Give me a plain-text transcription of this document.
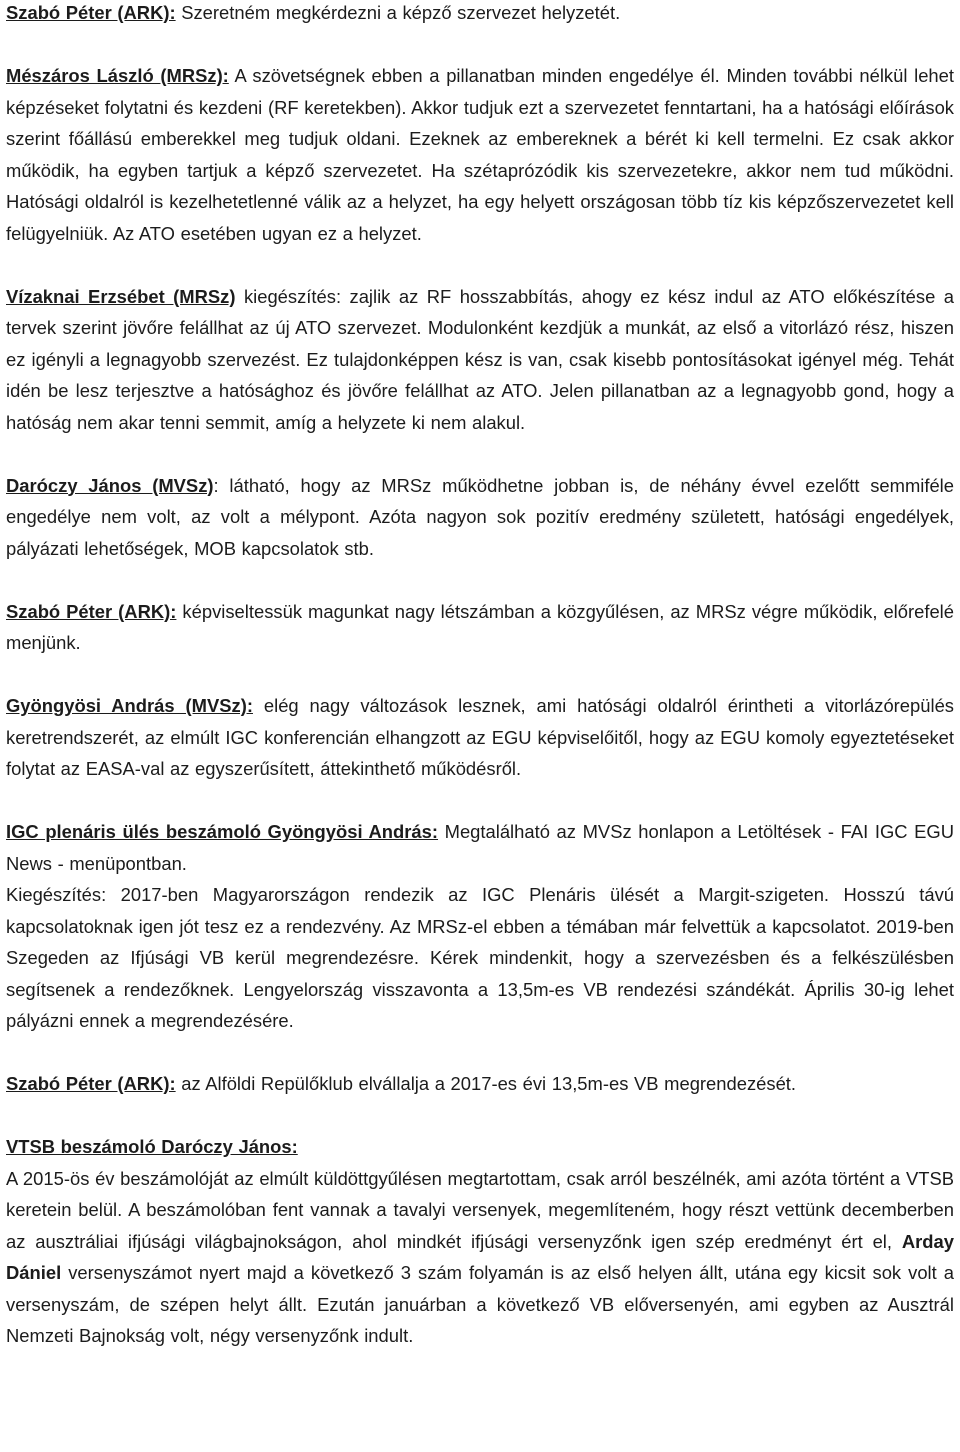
Szabó Péter (ARK): Szeretném megkérdezni a képző szervezet helyzetét.

Mészáros László (MRSz): A szövetségnek ebben a pillanatban minden engedélye él. Minden további nélkül lehet képzéseket folytatni és kezdeni (RF keretekben). Akkor tudjuk ezt a szervezetet fenntartani, ha a hatósági előírások szerint főállású emberekkel meg tudjuk oldani. Ezeknek az embereknek a bérét ki kell termelni. Ez csak akkor működik, ha egyben tartjuk a képző szervezetet. Ha szétaprózódik kis szervezetekre, akkor nem tud működni. Hatósági oldalról is kezelhetetlenné válik az a helyzet, ha egy helyett országosan több tíz kis képzőszervezetet kell felügyelniük. Az ATO esetében ugyan ez a helyzet.

Vízaknai Erzsébet (MRSz) kiegészítés: zajlik az RF hosszabbítás, ahogy ez kész indul az ATO előkészítése a tervek szerint jövőre felállhat az új ATO szervezet. Modulonként kezdjük a munkát, az első a vitorlázó rész, hiszen ez igényli a legnagyobb szervezést. Ez tulajdonképpen kész is van, csak kisebb pontosításokat igényel még. Tehát idén be lesz terjesztve a hatósághoz és jövőre felállhat az ATO. Jelen pillanatban az a legnagyobb gond, hogy a hatóság nem akar tenni semmit, amíg a helyzete ki nem alakul.

Daróczy János (MVSz): látható, hogy az MRSz működhetne jobban is, de néhány évvel ezelőtt semmiféle engedélye nem volt, az volt a mélypont. Azóta nagyon sok pozitív eredmény született, hatósági engedélyek, pályázati lehetőségek, MOB kapcsolatok stb.

Szabó Péter (ARK): képviseltessük magunkat nagy létszámban a közgyűlésen, az MRSz végre működik, előrefelé menjünk.

Gyöngyösi András (MVSz): elég nagy változások lesznek, ami hatósági oldalról érintheti a vitorlázórepülés keretrendszerét, az elmúlt IGC konferencián elhangzott az EGU képviselőitől, hogy az EGU komoly egyeztetéseket folytat az EASA-val az egyszerűsített, áttekinthető működésről.

IGC plenáris ülés beszámoló Gyöngyösi András: Megtalálható az MVSz honlapon a Letöltések - FAI IGC EGU News - menüpontban.

Kiegészítés: 2017-ben Magyarországon rendezik az IGC Plenáris ülését a Margit-szigeten. Hosszú távú kapcsolatoknak igen jót tesz ez a rendezvény. Az MRSz-el ebben a témában már felvettük a kapcsolatot. 2019-ben Szegeden az Ifjúsági VB kerül megrendezésre. Kérek mindenkit, hogy a szervezésben és a felkészülésben segítsenek a rendezőknek. Lengyelország visszavonta a 13,5m-es VB rendezési szándékát. Április 30-ig lehet pályázni ennek a megrendezésére.

Szabó Péter (ARK): az Alföldi Repülőklub elvállalja a 2017-es évi 13,5m-es VB megrendezését.

VTSB beszámoló Daróczy János:

A 2015-ös év beszámolóját az elmúlt küldöttgyűlésen megtartottam, csak arról beszélnék, ami azóta történt a VTSB keretein belül. A beszámolóban fent vannak a tavalyi versenyek, megemlíteném, hogy részt vettünk decemberben az ausztráliai ifjúsági világbajnokságon, ahol mindkét ifjúsági versenyzőnk igen szép eredményt ért el, Arday Dániel versenyszámot nyert majd a következő 3 szám folyamán is az első helyen állt, utána egy kicsit sok volt a versenyszám, de szépen helyt állt. Ezután januárban a következő VB előversenyén, ami egyben az Ausztrál Nemzeti Bajnokság volt, négy versenyzőnk indult.
